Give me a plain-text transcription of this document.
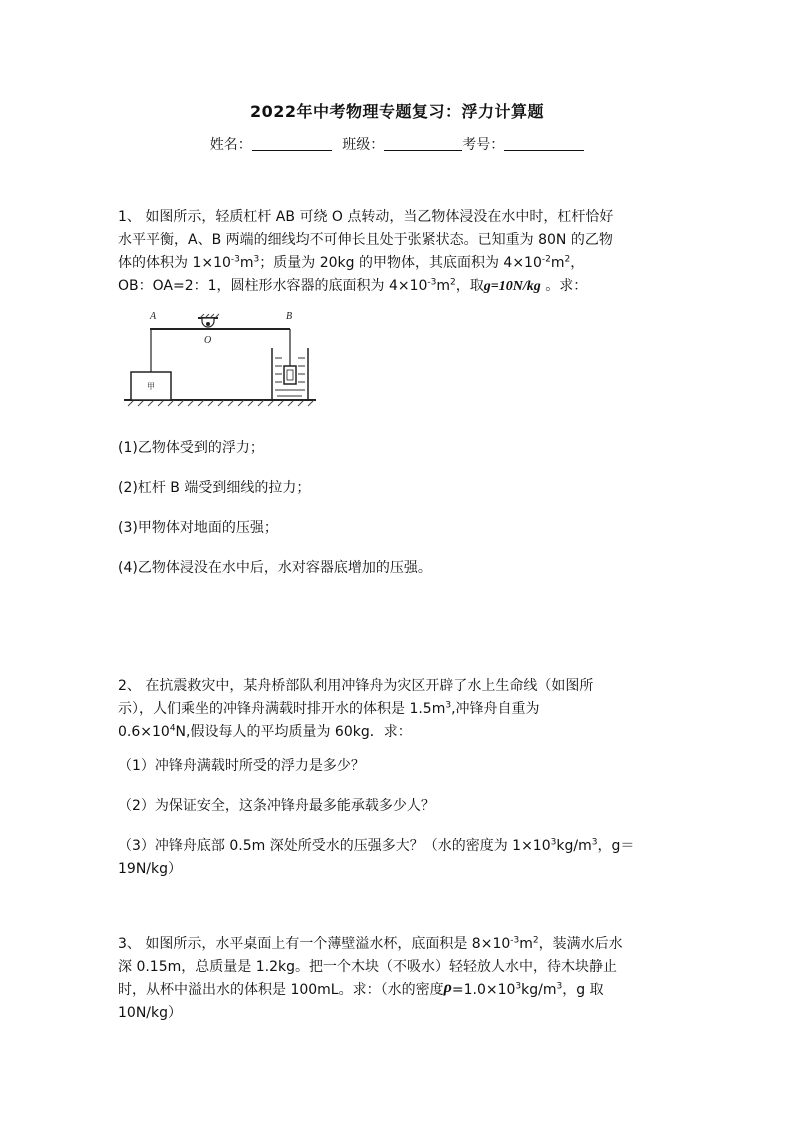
2022年中考物理专题复习：浮力计算题
姓名：	班级：	考号：
1、 如图所示，轻质杠杆 AB 可绕 O 点转动，当乙物体浸没在水中时，杠杆恰好
水平平衡，A、B 两端的细线均不可伸长且处于张紧状态。已知重为 80N 的乙物
体的体积为 $1\times 10^{-3}m^3$；质量为 20kg 的甲物体，其底面积为 $4\times 10^{-2}m^2$，
OB：OA=2：1，圆柱形水容器的底面积为 $4\times 10^{-3}m^2$，取g=10N/kg 。求：
A	B
O
甲
(1)乙物体受到的浮力；
(2)杠杆 B 端受到细线的拉力；
(3)甲物体对地面的压强；
(4)乙物体浸没在水中后，水对容器底增加的压强。
2、 在抗震救灾中，某舟桥部队利用冲锋舟为灾区开辟了水上生命线（如图所
示），人们乘坐的冲锋舟满载时排开水的体积是 $1.5m^3$,冲锋舟自重为
$0.6\times 10^4N$,假设每人的平均质量为 60kg．求：
（1）冲锋舟满载时所受的浮力是多少？
（2）为保证安全，这条冲锋舟最多能承载多少人？
（3）冲锋舟底部 0.5m 深处所受水的压强多大？（水的密度为 $1\times 10^3kg/m^3$，g＝
19N/kg）
3、 如图所示，水平桌面上有一个薄壁溢水杯，底面积是 $8\times 10^{-3}m^2$，装满水后水
深 0.15m，总质量是 1.2kg。把一个木块（不吸水）轻轻放人水中，待木块静止
时，从杯中溢出水的体积是 100mL。求：（水的密度$\rho=1.0\times 10^3kg/m^3$，g 取
10N/kg）
